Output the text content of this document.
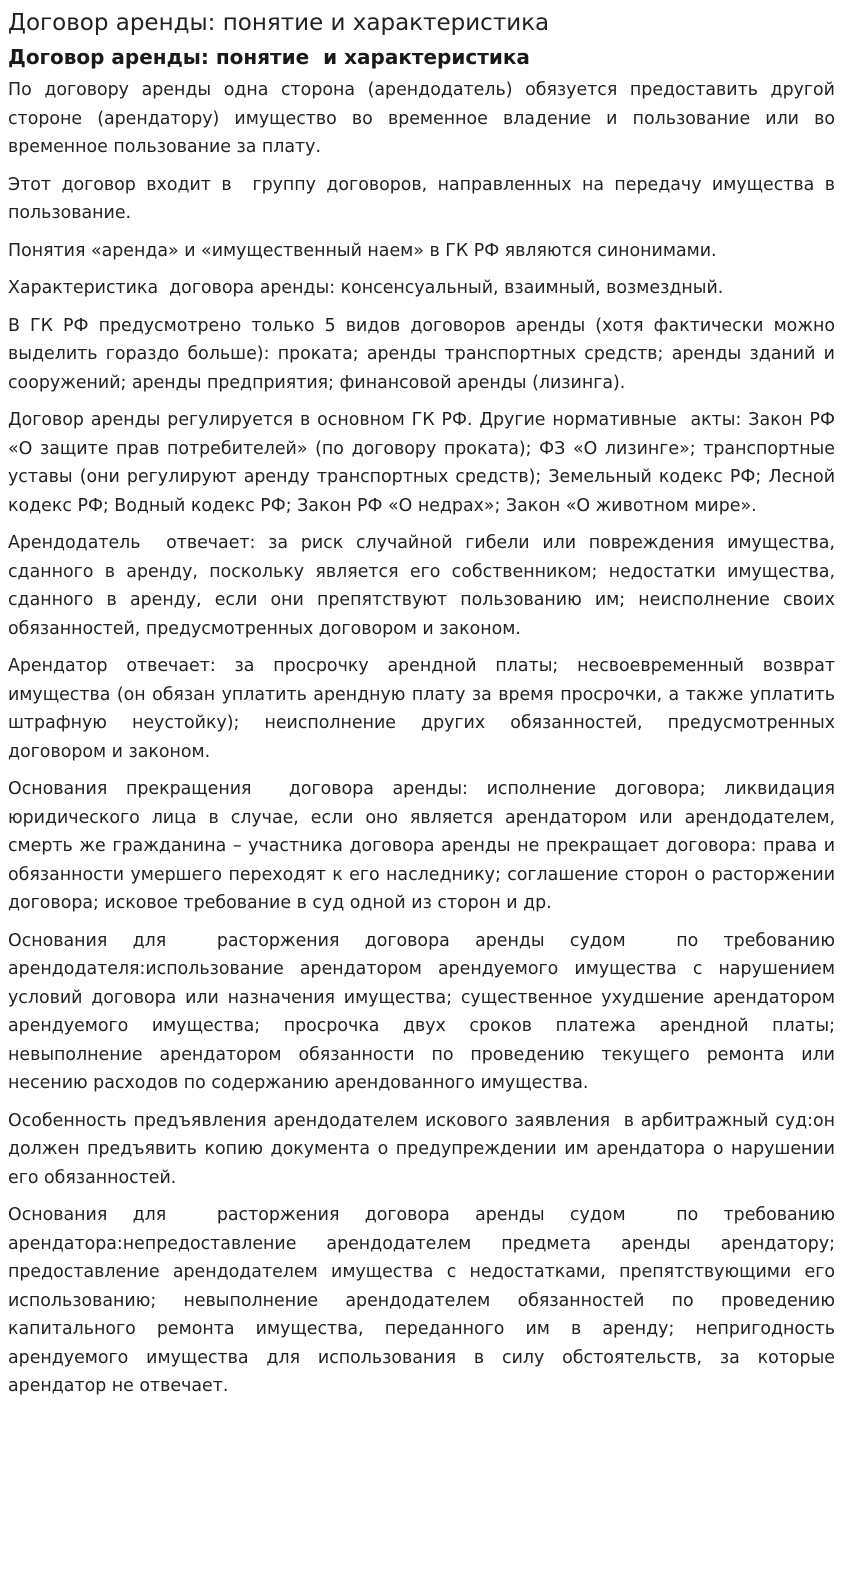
Договор аренды: понятие и характеристика
Договор аренды: понятие  и характеристика

По договору аренды одна сторона (арендодатель) обязуется предоставить другой стороне (арендатору) имущество во временное владение и пользование или во временное пользование за плату.

Этот договор входит в  группу договоров, направленных на передачу имущества в пользование.

Понятия «аренда» и «имущественный наем» в ГК РФ являются синонимами.

Характеристика  договора аренды: консенсуальный, взаимный, возмездный.

В ГК РФ предусмотрено только 5 видов договоров аренды (хотя фактически можно выделить гораздо больше): проката; аренды транспортных средств; аренды зданий и сооружений; аренды предприятия; финансовой аренды (лизинга).

Договор аренды регулируется в основном ГК РФ. Другие нормативные  акты: Закон РФ «О защите прав потребителей» (по договору проката); ФЗ «О лизинге»; транспортные уставы (они регулируют аренду транспортных средств); Земельный кодекс РФ; Лесной кодекс РФ; Водный кодекс РФ; Закон РФ «О недрах»; Закон «О животном мире».

Арендодатель  отвечает: за риск случайной гибели или повреждения имущества, сданного в аренду, поскольку является его собственником; недостатки имущества, сданного в аренду, если они препятствуют пользованию им; неисполнение своих обязанностей, предусмотренных договором и законом.

Арендатор отвечает: за просрочку арендной платы; несвоевременный возврат имущества (он обязан уплатить арендную плату за время просрочки, а также уплатить штрафную неустойку); неисполнение других обязанностей, предусмотренных договором и законом.

Основания прекращения  договора аренды: исполнение договора; ликвидация юридического лица в случае, если оно является арендатором или арендодателем, смерть же гражданина – участника договора аренды не прекращает договора: права и обязанности умершего переходят к его наследнику; соглашение сторон о расторжении договора; исковое требование в суд одной из сторон и др.

Основания для  расторжения договора аренды судом  по требованию арендодателя:использование арендатором арендуемого имущества с нарушением условий договора или назначения имущества; существенное ухудшение арендатором арендуемого имущества; просрочка двух сроков платежа арендной платы; невыполнение арендатором обязанности по проведению текущего ремонта или несению расходов по содержанию арендованного имущества.

Особенность предъявления арендодателем искового заявления  в арбитражный суд:он должен предъявить копию документа о предупреждении им арендатора о нарушении его обязанностей.

Основания для  расторжения договора аренды судом  по требованию арендатора:непредоставление арендодателем предмета аренды арендатору; предоставление арендодателем имущества с недостатками, препятствующими его использованию; невыполнение арендодателем обязанностей по проведению капитального ремонта имущества, переданного им в аренду; непригодность арендуемого имущества для использования в силу обстоятельств, за которые арендатор не отвечает.
